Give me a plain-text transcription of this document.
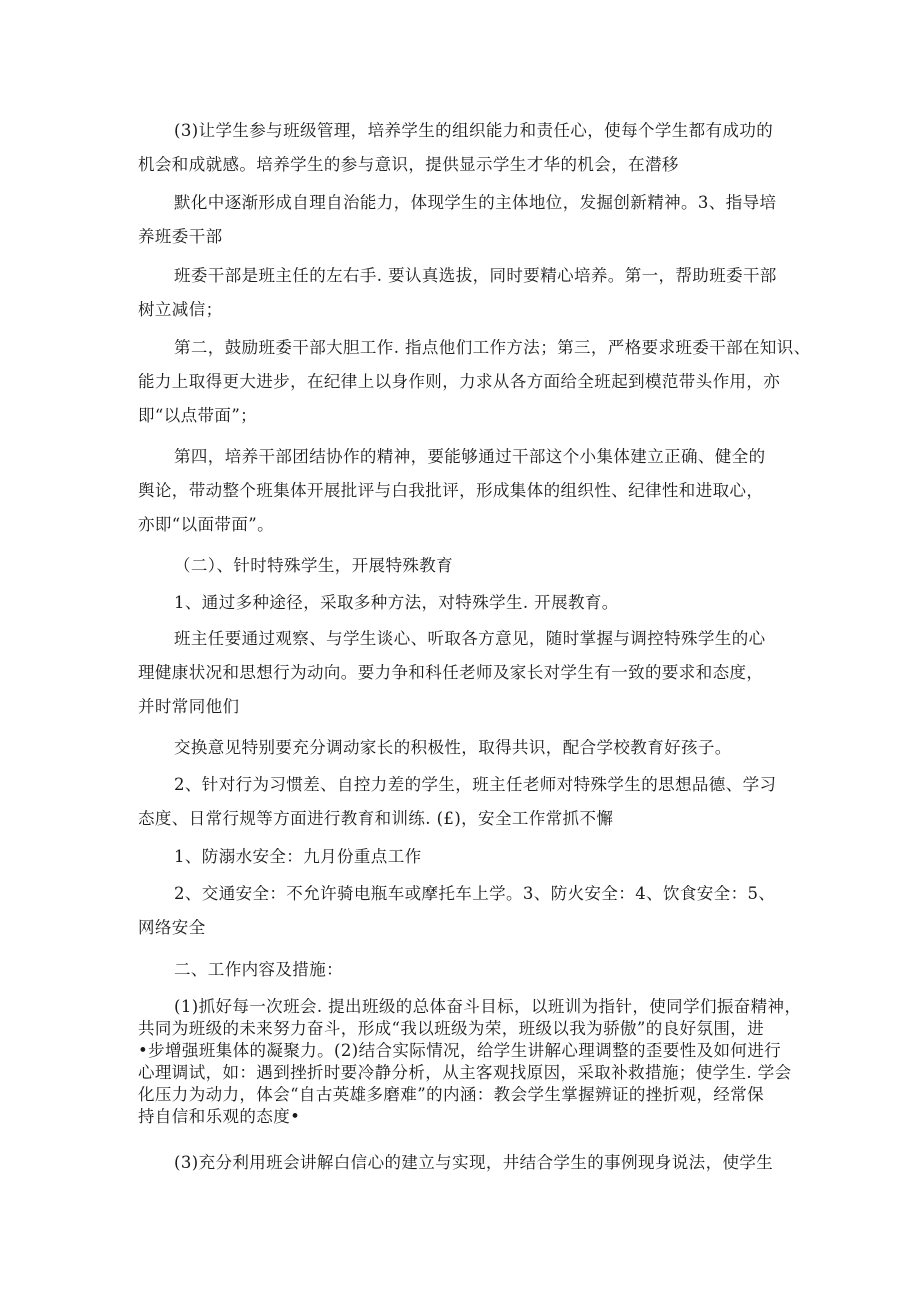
(3)让学生参与班级管理，培养学生的组织能力和责任心，使每个学生都有成功的
机会和成就感。培养学生的参与意识，提供显示学生才华的机会，在潜移
默化中逐渐形成自理自治能力，体现学生的主体地位，发掘创新精神。3、指导培
养班委干部
班委干部是班主任的左右手. 要认真选拔，同时要精心培养。第一，帮助班委干部
树立减信；
第二，鼓励班委干部大胆工作. 指点他们工作方法；第三，严格要求班委干部在知识、
能力上取得更大进步，在纪律上以身作则，力求从各方面给全班起到模范带头作用，亦
即“以点带面”；
第四，培养干部团结协作的精神，要能够通过干部这个小集体建立正确、健全的
舆论，带动整个班集体开展批评与白我批评，形成集体的组织性、纪律性和进取心，
亦即“以面带面”。
（二）、针时特殊学生，开展特殊教育
1、通过多种途径，采取多种方法，对特殊学生. 开展教育。
班主任要通过观察、与学生谈心、听取各方意见，随时掌握与调控特殊学生的心
理健康状况和思想行为动向。要力争和科任老师及家长对学生有一致的要求和态度，
并时常同他们
交换意见特别要充分调动家长的积极性，取得共识，配合学校教育好孩子。
2、针对行为习惯差、自控力差的学生，班主任老师对特殊学生的思想品德、学习
态度、日常行规等方面进行教育和训练. (£)，安全工作常抓不懈
1、防溺水安全：九月份重点工作
2、交通安全：不允许骑电瓶车或摩托车上学。3、防火安全：4、饮食安全：5、
网络安全
二、工作内容及措施：
(1)抓好每一次班会. 提出班级的总体奋斗目标，以班训为指针，使同学们振奋精神，
共同为班级的未来努力奋斗，形成“我以班级为荣，班级以我为骄傲”的良好氛围，进
•步增强班集体的凝聚力。(2)结合实际情况，给学生讲解心理调整的歪要性及如何进行
心理调试，如：遇到挫折时要冷静分析，从主客观找原因，采取补救措施；使学生. 学会
化压力为动力，体会“自古英雄多磨难”的内涵：教会学生掌握辨证的挫折观，经常保
持自信和乐观的态度•
(3)充分利用班会讲解白信心的建立与实现，井结合学生的事例现身说法，使学生
